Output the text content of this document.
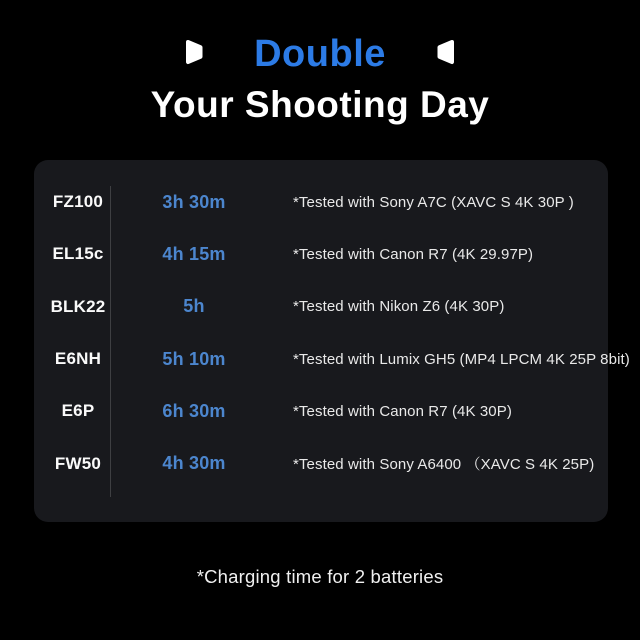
Double
Your Shooting Day
FZ100	3h 30m	*Tested with Sony A7C (XAVC S 4K 30P )
EL15c	4h 15m	*Tested with Canon R7 (4K 29.97P)
BLK22	5h	*Tested with Nikon Z6 (4K 30P)
E6NH	5h 10m	*Tested with Lumix GH5 (MP4 LPCM 4K 25P 8bit)
E6P	6h 30m	*Tested with Canon R7 (4K 30P)
FW50	4h 30m	*Tested with Sony A6400 （XAVC S 4K 25P)
*Charging time for 2 batteries
